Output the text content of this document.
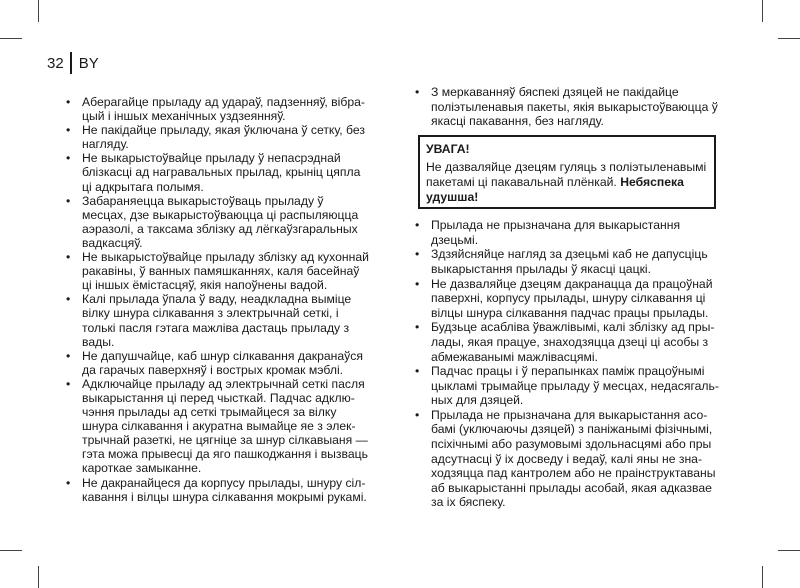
32 BY
• Аберагайце прыладу ад удараў, падзенняў, вібра-
цый і іншых механічных уздзеянняў.
• Не пакідайце прыладу, якая ўключана ў сетку, без
нагляду.
• Не выкарыстоўвайце прыладу ў непасрэднай
блізкасці ад награвальных прылад, крыніц цяпла
ці адкрытага полымя.
• Забараняецца выкарыстоўваць прыладу ў
месцах, дзе выкарыстоўваюцца ці распыляюцца
аэразолі, а таксама зблізку ад лёгкаўзгаральных
вадкасцяў.
• Не выкарыстоўвайце прыладу зблізку ад кухоннай
ракавіны, ў ванных памяшканнях, каля басейнаў
ці іншых ёмістасцяў, якія напоўнены вадой.
• Калі прылада ўпала ў ваду, неадкладна выміце
вілку шнура сілкавання з электрычнай сеткі, і
толькі пасля гэтага мажліва дастаць прыладу з
вады.
• Не дапушчайце, каб шнур сілкавання дакранаўся
да гарачых паверхняў і вострых кромак мэблі.
• Адключайце прыладу ад электрычнай сеткі пасля
выкарыстання ці перед чысткай. Падчас адклю-
чэння прылады ад сеткі трымайцеся за вілку
шнура сілкавання і акуратна вымайце яе з элек-
трычнай разеткі, не цягніце за шнур сілкавыаня —
гэта можа прывесці да яго пашкоджання і вызваць
кароткае замыканне.
• Не дакранайцеся да корпусу прылады, шнуру сіл-
кавання і вілцы шнура сілкавання мокрымі рукамі.
• З меркаванняў бяспекі дзяцей не пакідайце
поліэтыленавыя пакеты, якія выкарыстоўваюцца ў
якасці пакавання, без нагляду.
УВАГА!
Не дазваляйце дзецям гуляць з поліэтыленавымі
пакетамі ці пакавальнай плёнкай. Небяспека
удушша!
• Прылада не прызначана для выкарыстання
дзецьмі.
• Здзяйсняйце нагляд за дзецьмі каб не дапусціць
выкарыстання прылады ў якасці цацкі.
• Не дазваляйце дзецям дакранацца да працоўнай
паверхні, корпусу прылады, шнуру сілкавання ці
вілцы шнура сілкавання падчас працы прылады.
• Будзьце асабліва ўважлівымі, калі зблізку ад пры-
лады, якая працуе, знаходзяцца дзеці ці асобы з
абмежаванымі мажлівасцямі.
• Падчас працы і ў перапынках паміж працоўнымі
цыкламі трымайце прыладу ў месцах, недасягаль-
ных для дзяцей.
• Прылада не прызначана для выкарыстання асо-
бамі (уключаючы дзяцей) з паніжанымі фізічнымі,
псіхічнымі або разумовымі здольнасцямі або пры
адсутнасці ў іх досведу і ведаў, калі яны не зна-
ходзяцца пад кантролем або не праінструктаваны
аб выкарыстанні прылады асобай, якая адказвае
за іх бяспеку.
